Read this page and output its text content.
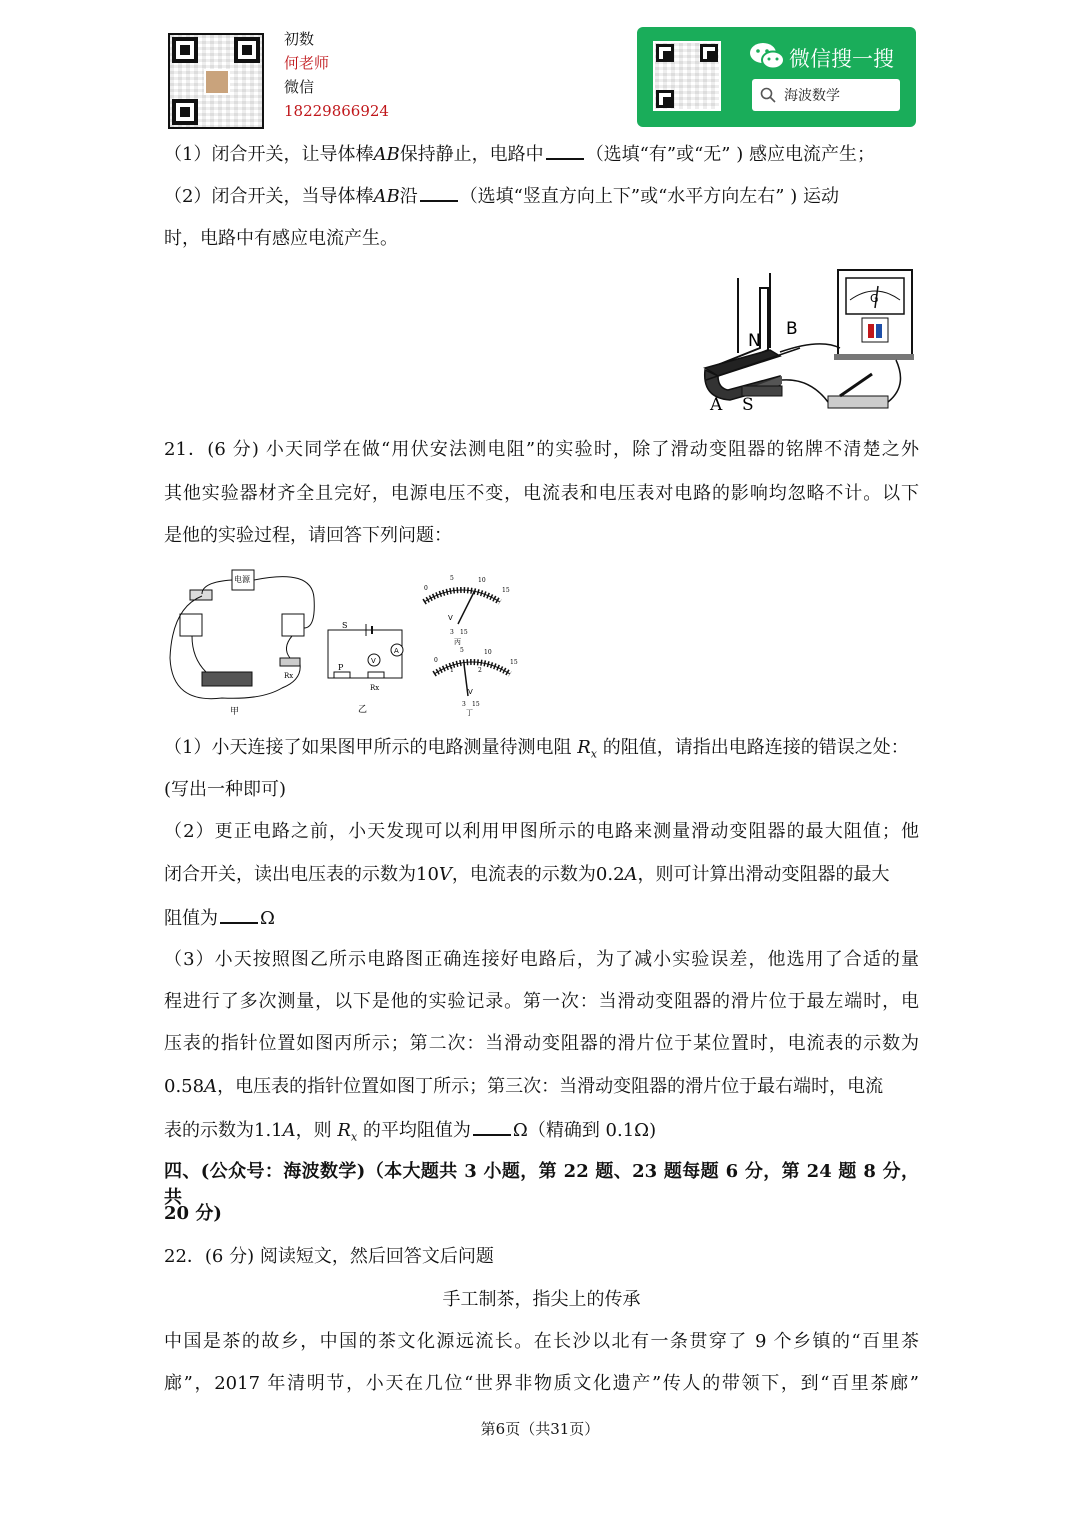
初数
何老师
微信
18229866924
微信搜一搜
海波数学
（1）闭合开关，让导体棒AB保持静止，电路中 （选填“有”或“无” ) 感应电流产生；
（2）闭合开关，当导体棒AB沿 （选填“竖直方向上下”或“水平方向左右” ) 运动
时，电路中有感应电流产生。
N
B
A S
G
21．(6 分) 小天同学在做“用伏安法测电阻”的实验时，除了滑动变阻器的铭牌不清楚之外
其他实验器材齐全且完好，电源电压不变，电流表和电压表对电路的影响均忽略不计。以下
是他的实验过程，请回答下列问题：
电源
Rx
甲
S
A
V
P
Rx
乙
0
5	10
15
V
3 15
丙
0
5	10
15
1	2
V
3 15
丁
（1）小天连接了如果图甲所示的电路测量待测电阻 $R_x$ 的阻值，请指出电路连接的错误之处：
(写出一种即可)
（2）更正电路之前，小天发现可以利用甲图所示的电路来测量滑动变阻器的最大阻值；他
闭合开关，读出电压表的示数为10V，电流表的示数为0.2A，则可计算出滑动变阻器的最大
阻值为 Ω
（3）小天按照图乙所示电路图正确连接好电路后，为了减小实验误差，他选用了合适的量
程进行了多次测量，以下是他的实验记录。第一次：当滑动变阻器的滑片位于最左端时，电
压表的指针位置如图丙所示；第二次：当滑动变阻器的滑片位于某位置时，电流表的示数为
0.58A，电压表的指针位置如图丁所示；第三次：当滑动变阻器的滑片位于最右端时，电流
表的示数为1.1A，则 $R_x$ 的平均阻值为 Ω（精确到 0.1Ω)
四、(公众号：海波数学)（本大题共 3 小题，第 22 题、23 题每题 6 分，第 24 题 8 分，共
20 分)
22．(6 分) 阅读短文，然后回答文后问题
手工制茶，指尖上的传承
中国是茶的故乡，中国的茶文化源远流长。在长沙以北有一条贯穿了 9 个乡镇的“百里茶
廊”，2017 年清明节，小天在几位“世界非物质文化遗产”传人的带领下，到“百里茶廊”
第6页（共31页）
